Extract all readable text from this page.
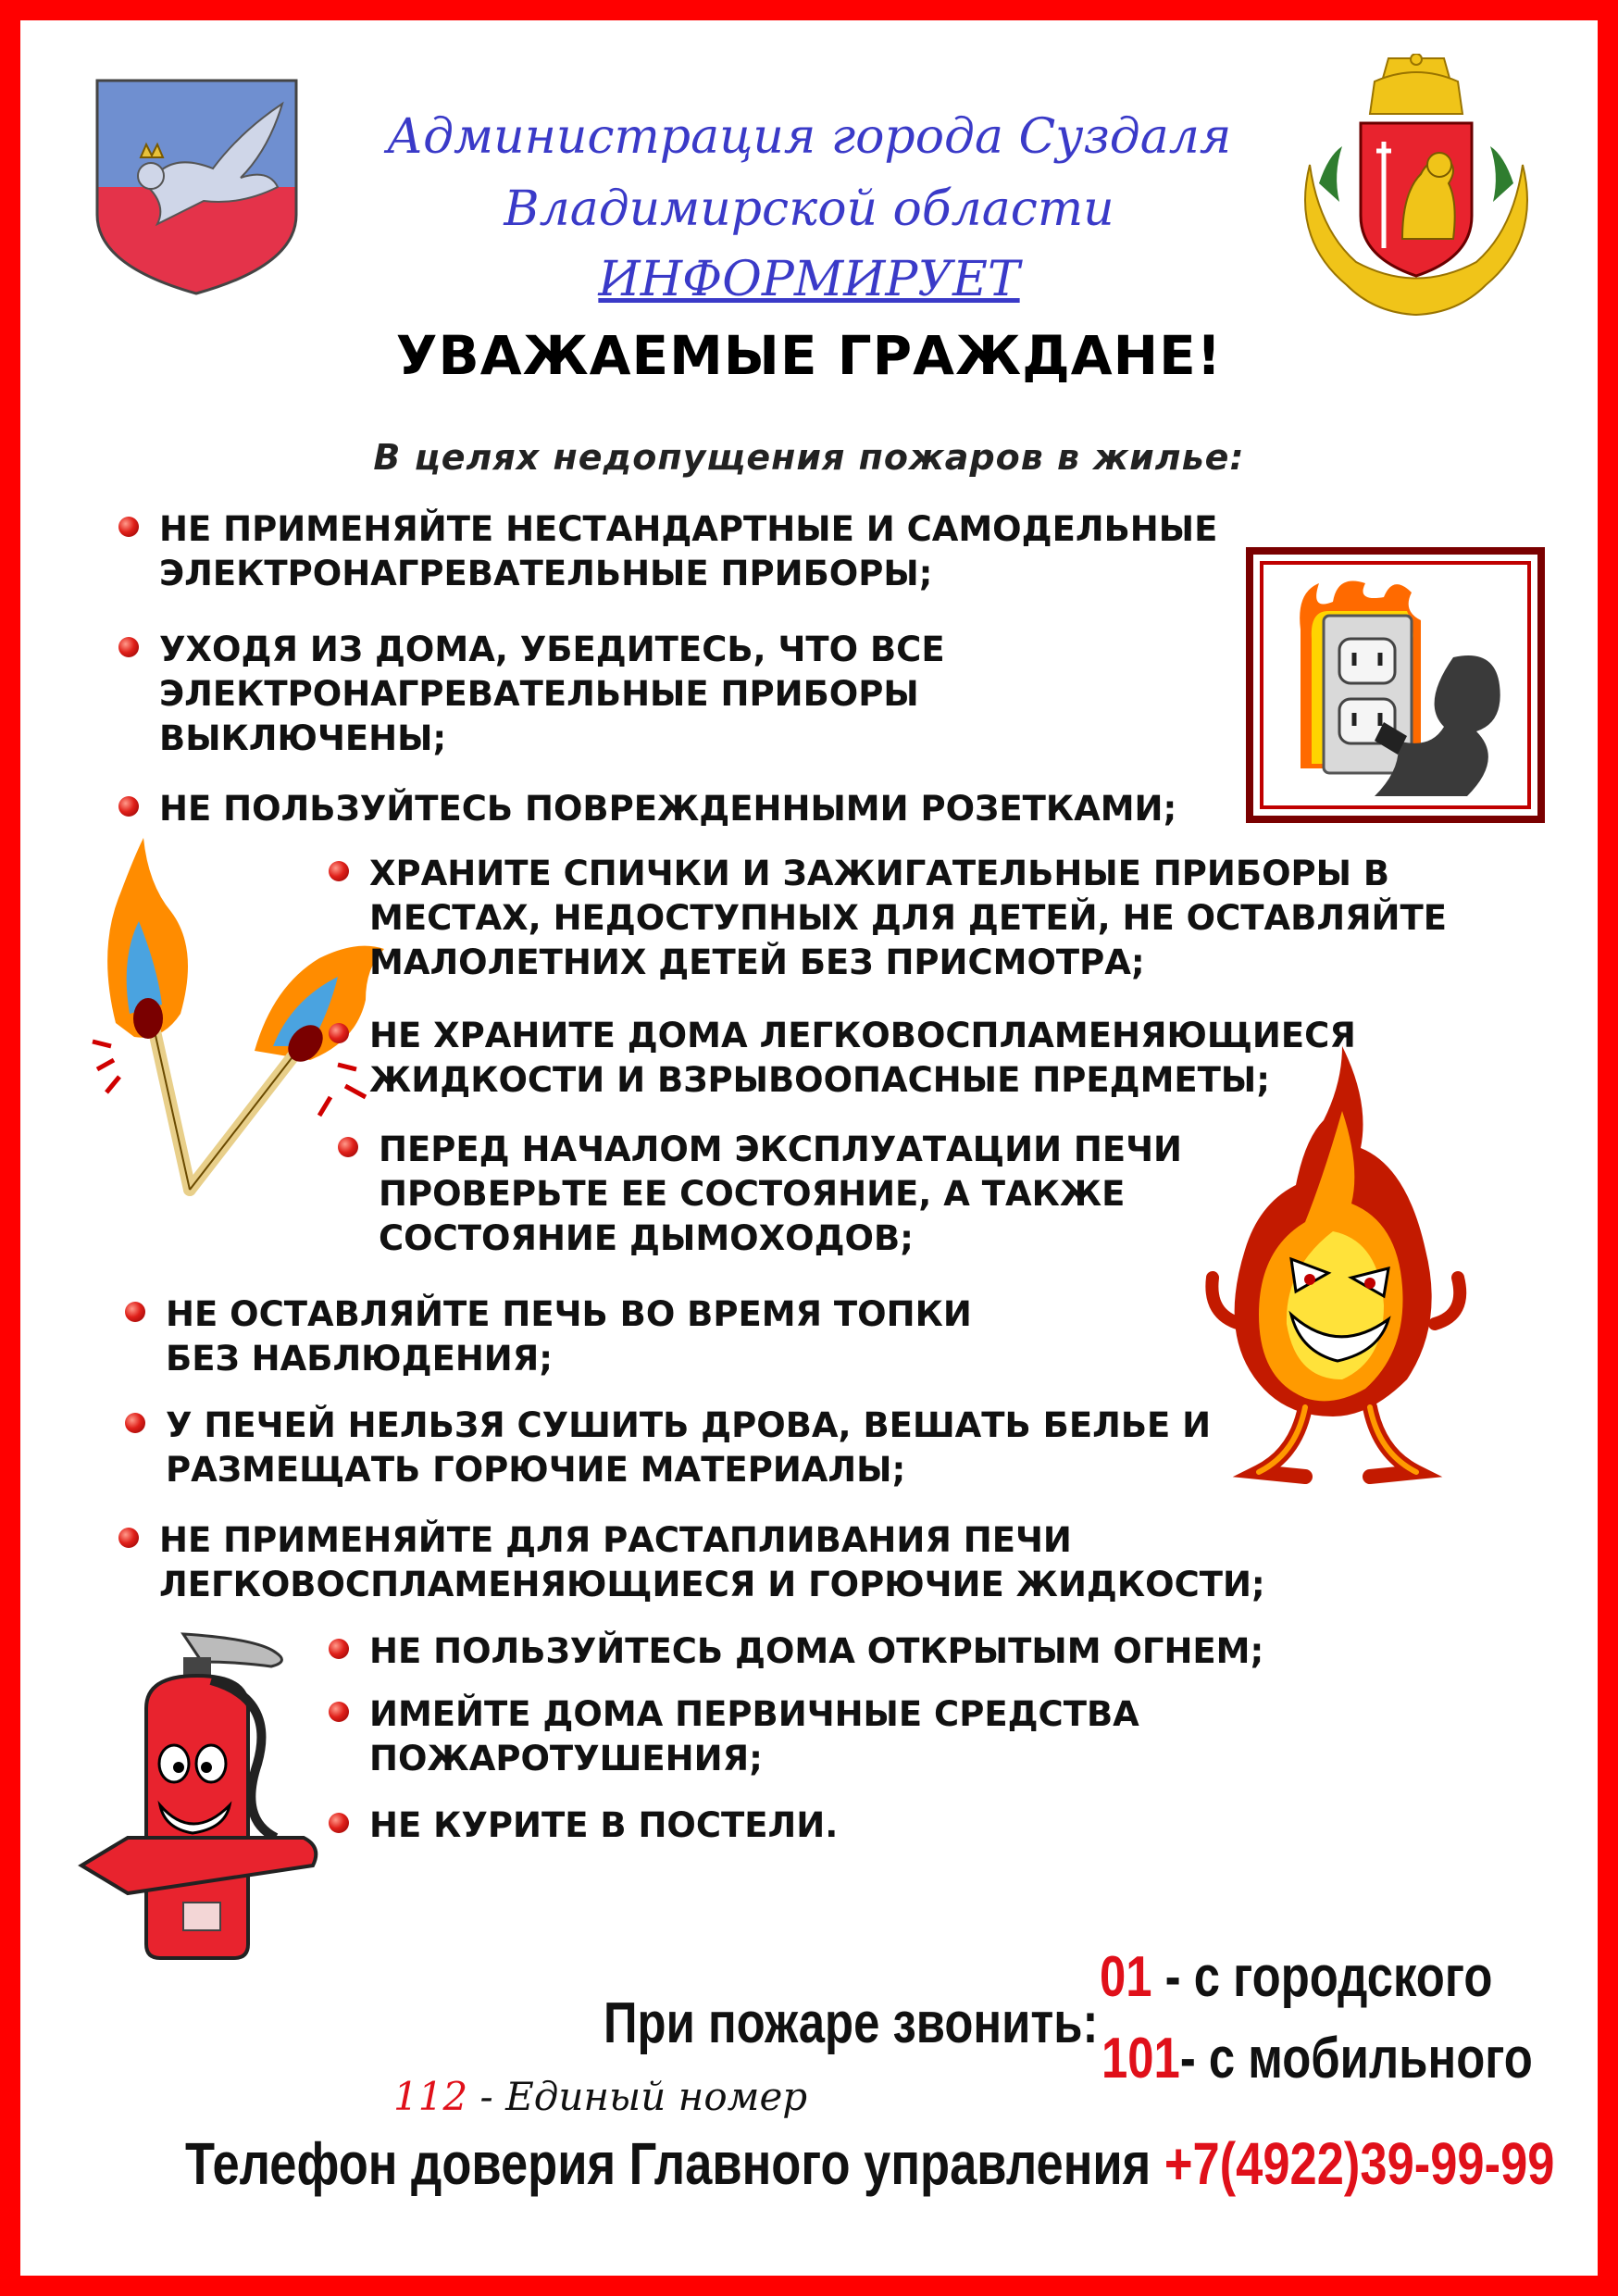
Администрация города Суздаля
Владимирской области
ИНФОРМИРУЕТ
УВАЖАЕМЫЕ ГРАЖДАНЕ!
В целях недопущения пожаров в жилье:
НЕ ПРИМЕНЯЙТЕ НЕСТАНДАРТНЫЕ И САМОДЕЛЬНЫЕ ЭЛЕКТРОНАГРЕВАТЕЛЬНЫЕ ПРИБОРЫ;
УХОДЯ ИЗ ДОМА, УБЕДИТЕСЬ, ЧТО ВСЕ ЭЛЕКТРОНАГРЕВАТЕЛЬНЫЕ ПРИБОРЫ ВЫКЛЮЧЕНЫ;
НЕ ПОЛЬЗУЙТЕСЬ ПОВРЕЖДЕННЫМИ РОЗЕТКАМИ;
ХРАНИТЕ СПИЧКИ И ЗАЖИГАТЕЛЬНЫЕ ПРИБОРЫ В МЕСТАХ, НЕДОСТУПНЫХ ДЛЯ ДЕТЕЙ, НЕ ОСТАВЛЯЙТЕ МАЛОЛЕТНИХ ДЕТЕЙ БЕЗ ПРИСМОТРА;
НЕ ХРАНИТЕ ДОМА ЛЕГКОВОСПЛАМЕНЯЮЩИЕСЯ ЖИДКОСТИ И ВЗРЫВООПАСНЫЕ ПРЕДМЕТЫ;
ПЕРЕД НАЧАЛОМ ЭКСПЛУАТАЦИИ ПЕЧИ ПРОВЕРЬТЕ ЕЕ СОСТОЯНИЕ, А ТАКЖЕ СОСТОЯНИЕ ДЫМОХОДОВ;
НЕ ОСТАВЛЯЙТЕ ПЕЧЬ ВО ВРЕМЯ ТОПКИ БЕЗ НАБЛЮДЕНИЯ;
У ПЕЧЕЙ НЕЛЬЗЯ СУШИТЬ ДРОВА, ВЕШАТЬ БЕЛЬЕ И РАЗМЕЩАТЬ ГОРЮЧИЕ МАТЕРИАЛЫ;
НЕ ПРИМЕНЯЙТЕ ДЛЯ РАСТАПЛИВАНИЯ ПЕЧИ ЛЕГКОВОСПЛАМЕНЯЮЩИЕСЯ И ГОРЮЧИЕ ЖИДКОСТИ;
НЕ ПОЛЬЗУЙТЕСЬ ДОМА ОТКРЫТЫМ ОГНЕМ;
ИМЕЙТЕ ДОМА ПЕРВИЧНЫЕ СРЕДСТВА ПОЖАРОТУШЕНИЯ;
НЕ КУРИТЕ В ПОСТЕЛИ.
При пожаре звонить:
01 - с городского
101- с мобильного
112 - Единый номер
Телефон доверия Главного управления +7(4922)39-99-99
